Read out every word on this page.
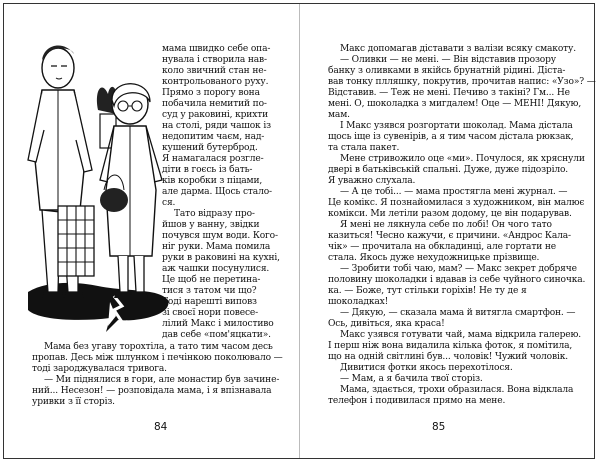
мама швидко себе опа-
нувала і створила нав-
коло звичний стан не-
контрольованого руху.
Прямо з порогу вона
побачила немитий по-
суд у раковині, крихти
на столі, ряди чашок із
недопитим чаєм, над-
кушений бутерброд.
Я намагалася розгле-
діти в гоєсь із бать-
ків коробки з піцами,
але дарма. Щось стало-
ся.
Тато відразу про-
йшов у ванну, звідки
почувся шум води. Кого-
ніг руки. Мама помила
руки в раковині на кухні,
аж чашки посунулися.
Це щоб не перетина-
тися з татом чи що?
Тоді нарешті виповз
зі своєї нори повесе-
лілий Макс і милостиво
дав себе «пом'яцкати».
Мама без угаву торохтіла, а тато тим часом десь
пропав. Десь між шлунком і печінкою поколювало —
тоді зароджувалася тривога.
— Ми піднялися в гори, але монастир був зачине-
ний... Несезон! — розповідала мама, і я впізнавала
уривки з її сторіз.
84
Макс допомагав діставати з валізи всяку смакоту.
— Оливки — не мені. — Він відставив прозору
банку з оливками в якійсь брунатній рідині. Діста-
вав тонку плляшку, покрутив, прочитав напис: «Узо»? —
Відставив. — Теж не мені. Печиво з такіні? Гм... Не
мені. О, шоколадка з мигдалем! Оце — МЕНІ! Дякую,
мам.
І Макс узявся розгортати шоколад. Мама дістала
щось іще із сувенірів, а я тим часом дістала рюкзак,
та стала пакет.
Мене стривожило оце «ми». Почулося, як хряснули
двері в батьківській спальні. Дуже, дуже підозріло.
Я уважно слухала.
— А це тобі... — мама простягла мені журнал. —
Це комікс. Я познайомилася з художником, він малює
комікси. Ми летіли разом додому, це він подарував.
Я мені не лякнула себе по лобі! Он чого тато
казиться! Чесно кажучи, є причини. «Андрос Кала-
чік» — прочитала на обкладинці, але гортати не
стала. Якось дуже нехудожницьке прізвище.
— Зробити тобі чаю, мам? — Макс зекрет добряче
половину шоколадки і вдавав із себе чуйного синочка.
ка. — Боже, тут стільки горіхів! Не ту де я
шоколадках!
— Дякую, — сказала мама й витягла смартфон. —
Ось, дивіться, яка краса!
Макс узявся готувати чай, мама відкрила галерею.
І перш ніж вона видалила кілька фоток, я помітила,
що на одній світлині був... чоловік! Чужий чоловік.
Дивитися фотки якось перехотілося.
— Мам, а я бачила твої сторіз.
Мама, здається, трохи образилася. Вона відклала
телефон і подивилася прямо на мене.
85
